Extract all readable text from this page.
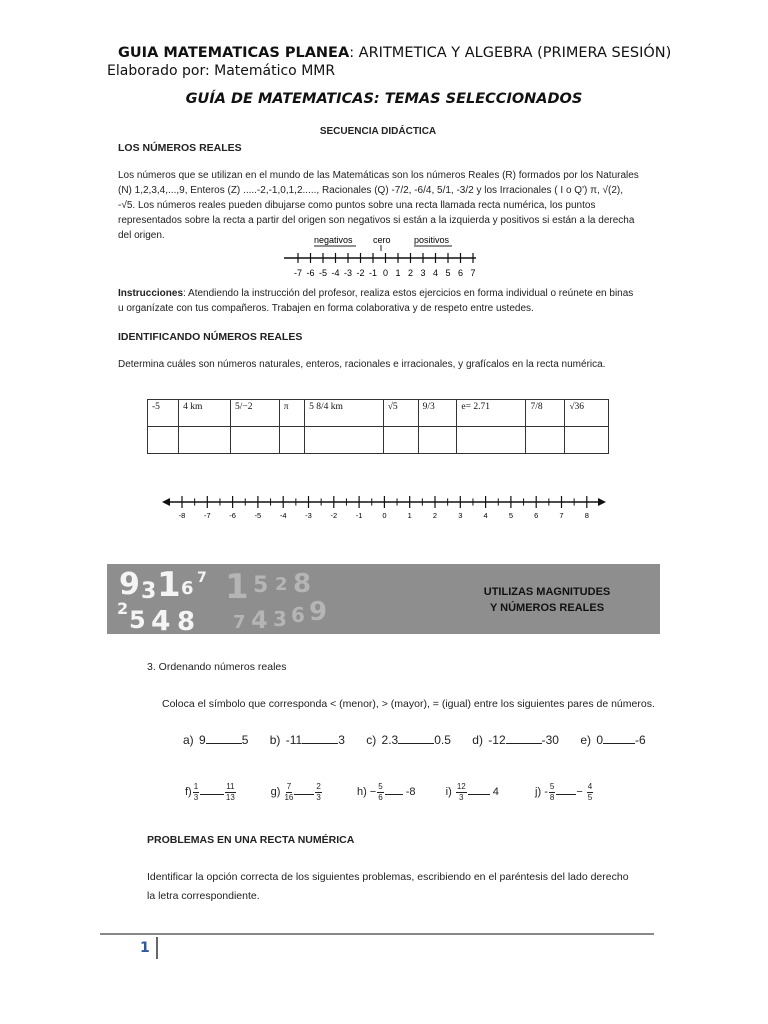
GUIA MATEMATICAS PLANEA: ARITMETICA Y ALGEBRA (PRIMERA SESIÓN)
Elaborado por: Matemático MMR
GUÍA DE MATEMATICAS: TEMAS SELECCIONADOS
SECUENCIA DIDÁCTICA
LOS NÚMEROS REALES
Los números que se utilizan en el mundo de las Matemáticas son los números Reales (R) formados por los Naturales (N) 1,2,3,4,...,9, Enteros (Z) .....-2,-1,0,1,2....., Racionales (Q) -7/2, -6/4, 5/1, -3/2 y los Irracionales ( I o Q') π, √(2), -√5. Los números reales pueden dibujarse como puntos sobre una recta llamada recta numérica, los puntos representados sobre la recta a partir del origen son negativos si están a la izquierda y positivos si están a la derecha del origen.	negativos cero	positivos
-7 -6 -5 -4 -3 -2 -1 0 1 2 3 4 5 6 7
Instrucciones: Atendiendo la instrucción del profesor, realiza estos ejercicios en forma individual o reúnete en binas u organízate con tus compañeros. Trabajen en forma colaborativa y de respeto entre ustedes.
IDENTIFICANDO NÚMEROS REALES
Determina cuáles son números naturales, enteros, racionales e irracionales, y grafícalos en la recta numérica.
-5	4 km	5/−2	π	5 8/4 km	√5	9/3	e= 2.71	7/8	√36

-8 -7 -6 -5 -4 -3 -2 -1	0	1	2	3	4	5	6	7	8
9 3 1 6 7
2 5 4 8
1 5 2 8
7 4 3 6 9
UTILIZAS MAGNITUDES
Y NÚMEROS REALES
3. Ordenando números reales
Coloca el símbolo que corresponda < (menor), > (mayor), = (igual) entre los siguientes pares de números.
a) 9	5 b) -11	3 c) 2.3	0.5 d) -12	-30 e) 0	-6
$f) \frac{1}{3}$	$\frac{11}{13}$	$g) \frac{7}{16}$	$\frac{2}{3}$	$h) - \frac{5}{6} -8$	$i) \frac{12}{3} 4$	$j) - \frac{5}{8} - \frac{4}{5}$
PROBLEMAS EN UNA RECTA NUMÉRICA
Identificar la opción correcta de los siguientes problemas, escribiendo en el paréntesis del lado derecho la letra correspondiente.
1
